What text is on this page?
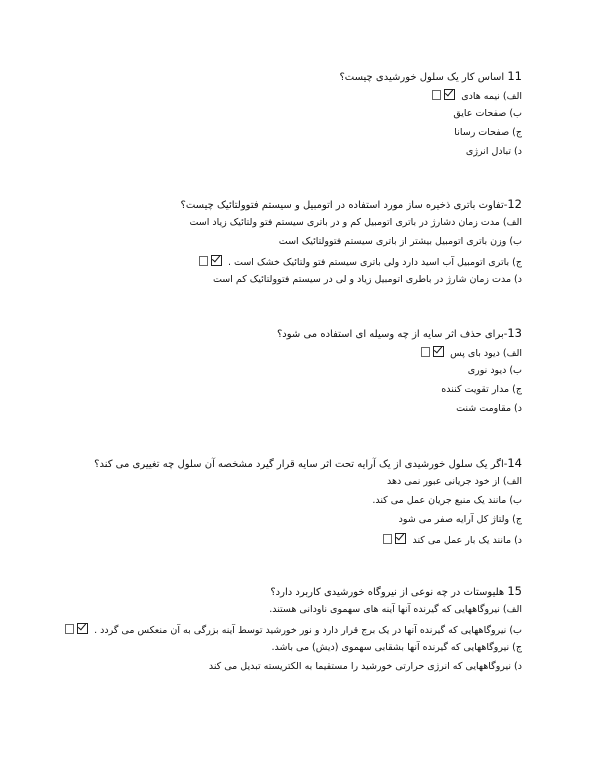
11 اساس کار یک سلول خورشیدی چیست؟
الف) نیمه هادی
ب) صفحات عایق
ج) صفحات رسانا
د) تبادل انرژی
12-تفاوت باتری ذخیره ساز مورد استفاده در اتومبیل و سیستم فتوولتائیک چیست؟
الف) مدت زمان دشارژ در باتری اتومبیل کم و در باتری سیستم فتو ولتائیک زیاد است
ب) وزن باتری اتومبیل بیشتر از باتری سیستم فتوولتائیک است
ج) باتری اتومبیل آب اسید دارد ولی باتری سیستم فتو ولتائیک خشک است .
د) مدت زمان شارژ در باطری اتومبیل زیاد و لی در سیستم فتوولتائیک کم است
13-برای حذف اثر سایه از چه وسیله ای استفاده می شود؟
الف) دیود بای پس
ب) دیود نوری
ج) مدار تقویت کننده
د) مقاومت شنت
14-اگر یک سلول خورشیدی از یک آرایه تحت اثر سایه قرار گیرد مشخصه آن سلول چه تغییری می کند؟
الف) از خود جریانی عبور نمی دهد
ب) مانند یک منبع جریان عمل می کند.
ج) ولتاژ کل آرایه صفر می شود
د) مانند یک بار عمل می کند
15 هلیوستات در چه نوعی از نیروگاه خورشیدی کاربرد دارد؟
الف) نیروگاههایی که گیرنده آنها آینه های سهموی ناودانی هستند.
ب) نیروگاههایی که گیرنده آنها در یک برج قرار دارد و نور خورشید توسط آینه بزرگی به آن منعکس می گردد .
ج) نیروگاههایی که گیرنده آنها بشقابی سهموی (دیش) می باشد.
د) نیروگاههایی که انرژی حرارتی خورشید را مستقیما به الکتریسته تبدیل می کند
